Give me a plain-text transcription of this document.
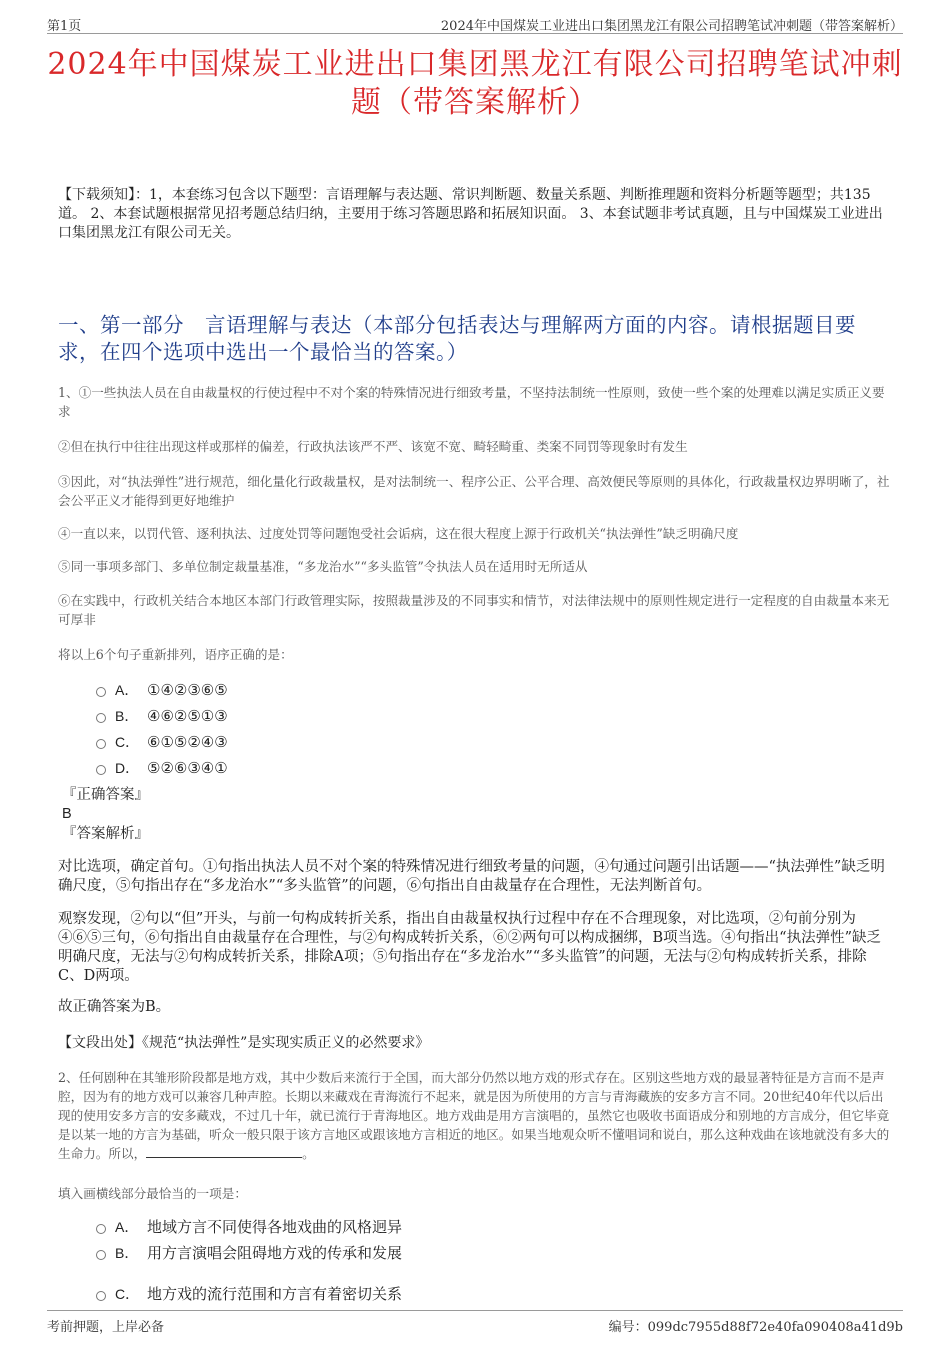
第1页	2024年中国煤炭工业进出口集团黑龙江有限公司招聘笔试冲刺题（带答案解析）
2024年中国煤炭工业进出口集团黑龙江有限公司招聘笔试冲刺题（带答案解析）
【下载须知】：1，本套练习包含以下题型：言语理解与表达题、常识判断题、数量关系题、判断推理题和资料分析题等题型；共135道。 2、本套试题根据常见招考题总结归纳，主要用于练习答题思路和拓展知识面。 3、本套试题非考试真题，且与中国煤炭工业进出口集团黑龙江有限公司无关。
一、第一部分　言语理解与表达（本部分包括表达与理解两方面的内容。请根据题目要求，在四个选项中选出一个最恰当的答案。）
1、①一些执法人员在自由裁量权的行使过程中不对个案的特殊情况进行细致考量，不坚持法制统一性原则，致使一些个案的处理难以满足实质正义要求
②但在执行中往往出现这样或那样的偏差，行政执法该严不严、该宽不宽、畸轻畸重、类案不同罚等现象时有发生
③因此，对“执法弹性”进行规范，细化量化行政裁量权，是对法制统一、程序公正、公平合理、高效便民等原则的具体化，行政裁量权边界明晰了，社会公平正义才能得到更好地维护
④一直以来，以罚代管、逐利执法、过度处罚等问题饱受社会诟病，这在很大程度上源于行政机关“执法弹性”缺乏明确尺度
⑤同一事项多部门、多单位制定裁量基准，“多龙治水”“多头监管”令执法人员在适用时无所适从
⑥在实践中，行政机关结合本地区本部门行政管理实际，按照裁量涉及的不同事实和情节，对法律法规中的原则性规定进行一定程度的自由裁量本来无可厚非
将以上6个句子重新排列，语序正确的是：
A． ①④②③⑥⑤
B． ④⑥②⑤①③
C． ⑥①⑤②④③
D． ⑤②⑥③④①
『正确答案』
B
『答案解析』
对比选项，确定首句。①句指出执法人员不对个案的特殊情况进行细致考量的问题，④句通过问题引出话题——“执法弹性”缺乏明确尺度，⑤句指出存在“多龙治水”“多头监管”的问题，⑥句指出自由裁量存在合理性，无法判断首句。
观察发现，②句以“但”开头，与前一句构成转折关系，指出自由裁量权执行过程中存在不合理现象，对比选项，②句前分别为④⑥⑤三句，⑥句指出自由裁量存在合理性，与②句构成转折关系，⑥②两句可以构成捆绑，B项当选。④句指出“执法弹性”缺乏明确尺度，无法与②句构成转折关系，排除A项；⑤句指出存在“多龙治水”“多头监管”的问题，无法与②句构成转折关系，排除C、D两项。
故正确答案为B。
【文段出处】《规范“执法弹性”是实现实质正义的必然要求》
2、任何剧种在其雏形阶段都是地方戏，其中少数后来流行于全国，而大部分仍然以地方戏的形式存在。区别这些地方戏的最显著特征是方言而不是声腔，因为有的地方戏可以兼容几种声腔。长期以来藏戏在青海流行不起来，就是因为所使用的方言与青海藏族的安多方言不同。20世纪40年代以后出现的使用安多方言的安多藏戏，不过几十年，就已流行于青海地区。地方戏曲是用方言演唱的，虽然它也吸收书面语成分和别地的方言成分，但它毕竟是以某一地的方言为基础，听众一般只限于该方言地区或跟该地方言相近的地区。如果当地观众听不懂唱词和说白，那么这种戏曲在该地就没有多大的生命力。所以，	。
填入画横线部分最恰当的一项是：
A． 地域方言不同使得各地戏曲的风格迥异
B． 用方言演唱会阻碍地方戏的传承和发展
C． 地方戏的流行范围和方言有着密切关系
考前押题，上岸必备	编号：099dc7955d88f72e40fa090408a41d9b
